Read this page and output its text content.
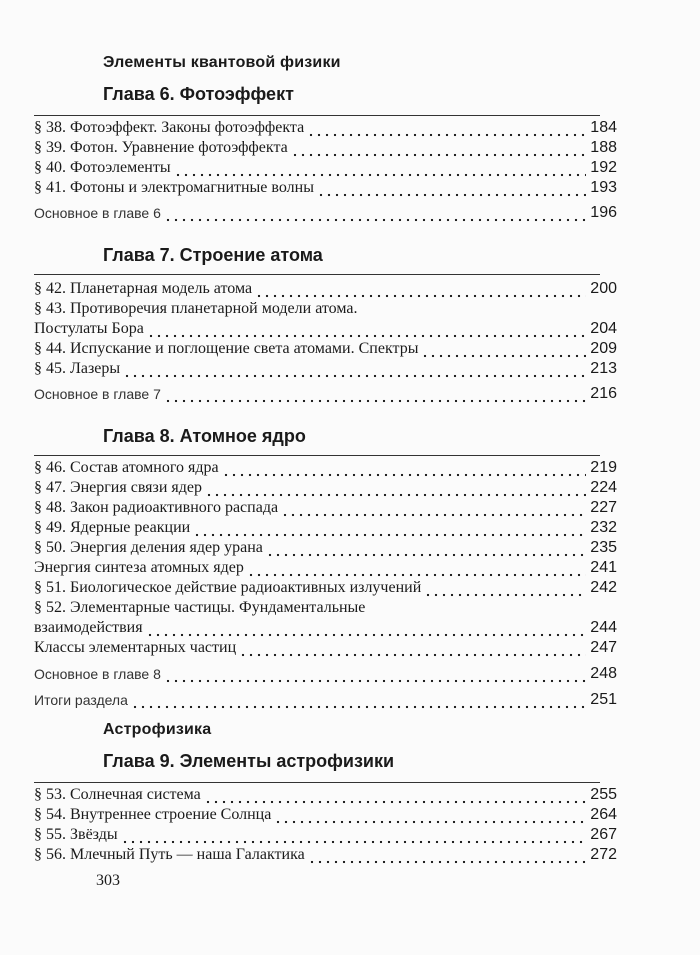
Элементы квантовой физики
Глава 6. Фотоэффект
§ 38. Фотоэффект. Законы фотоэффекта	184
§ 39. Фотон. Уравнение фотоэффекта	188
§ 40. Фотоэлементы	192
§ 41. Фотоны и электромагнитные волны	193
Основное в главе 6	196
Глава 7. Строение атома
§ 42. Планетарная модель атома	200
§ 43. Противоречия планетарной модели атома.
Постулаты Бора	204
§ 44. Испускание и поглощение света атомами. Спектры	209
§ 45. Лазеры	213
Основное в главе 7	216
Глава 8. Атомное ядро
§ 46. Состав атомного ядра	219
§ 47. Энергия связи ядер	224
§ 48. Закон радиоактивного распада	227
§ 49. Ядерные реакции	232
§ 50. Энергия деления ядер урана	235
Энергия синтеза атомных ядер	241
§ 51. Биологическое действие радиоактивных излучений	242
§ 52. Элементарные частицы. Фундаментальные
взаимодействия	244
Классы элементарных частиц	247
Основное в главе 8	248
Итоги раздела	251
Астрофизика
Глава 9. Элементы астрофизики
§ 53. Солнечная система	255
§ 54. Внутреннее строение Солнца	264
§ 55. Звёзды	267
§ 56. Млечный Путь — наша Галактика	272
303
